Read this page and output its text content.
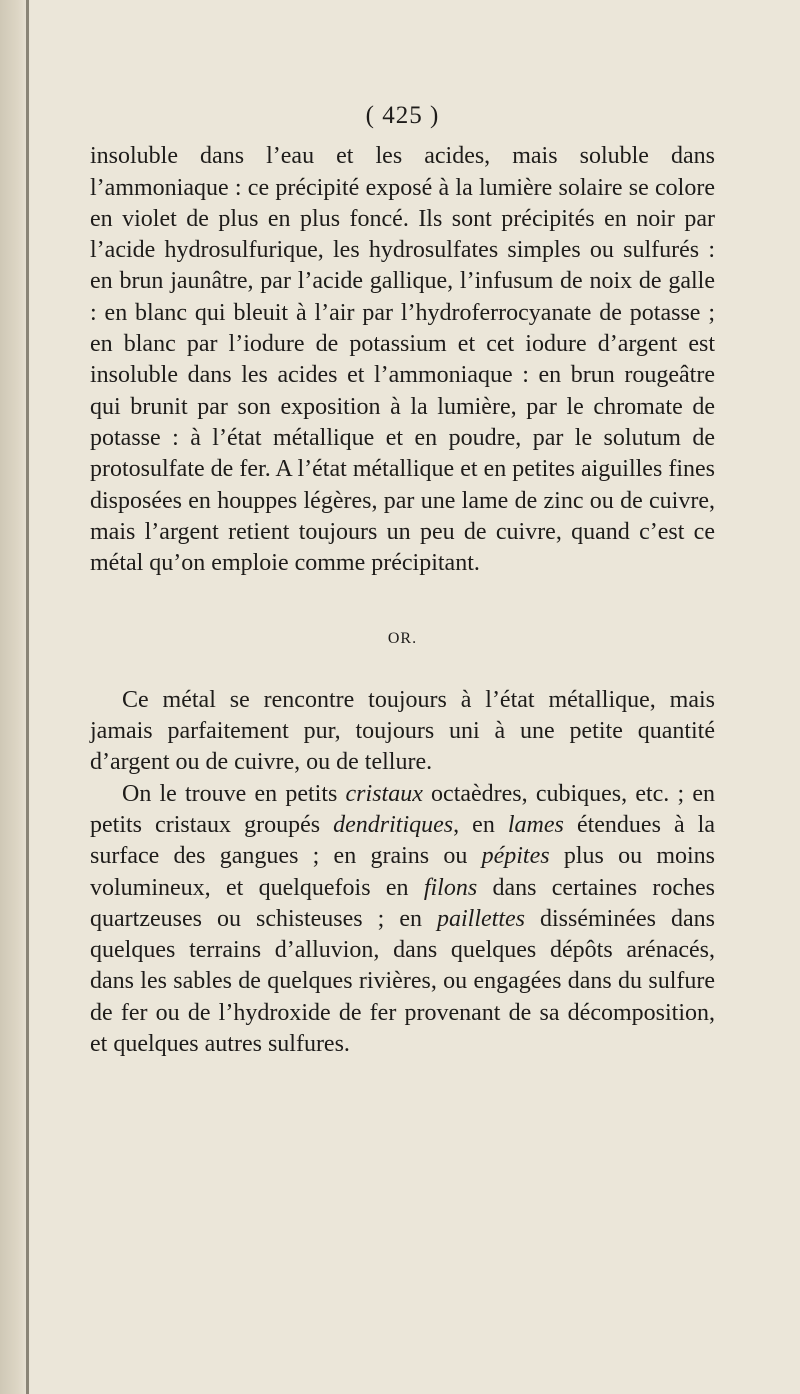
( 425 )

insoluble dans l’eau et les acides, mais soluble dans l’ammoniaque : ce précipité exposé à la lumière solaire se colore en violet de plus en plus foncé. Ils sont précipités en noir par l’acide hydrosulfurique, les hydrosulfates simples ou sulfurés : en brun jaunâtre, par l’acide gallique, l’infusum de noix de galle : en blanc qui bleuit à l’air par l’hydroferrocyanate de potasse ; en blanc par l’iodure de potassium et cet iodure d’argent est insoluble dans les acides et l’ammoniaque : en brun rougeâtre qui brunit par son exposition à la lumière, par le chromate de potasse : à l’état métallique et en poudre, par le solutum de protosulfate de fer. A l’état métallique et en petites aiguilles fines disposées en houppes légères, par une lame de zinc ou de cuivre, mais l’argent retient toujours un peu de cuivre, quand c’est ce métal qu’on emploie comme précipitant.

OR.

Ce métal se rencontre toujours à l’état métallique, mais jamais parfaitement pur, toujours uni à une petite quantité d’argent ou de cuivre, ou de tellure.

On le trouve en petits cristaux octaèdres, cubiques, etc. ; en petits cristaux groupés dendritiques, en lames étendues à la surface des gangues ; en grains ou pépites plus ou moins volumineux, et quelquefois en filons dans certaines roches quartzeuses ou schisteuses ; en paillettes disséminées dans quelques terrains d’alluvion, dans quelques dépôts arénacés, dans les sables de quelques rivières, ou engagées dans du sulfure de fer ou de l’hydroxide de fer provenant de sa décomposition, et quelques autres sulfures.
